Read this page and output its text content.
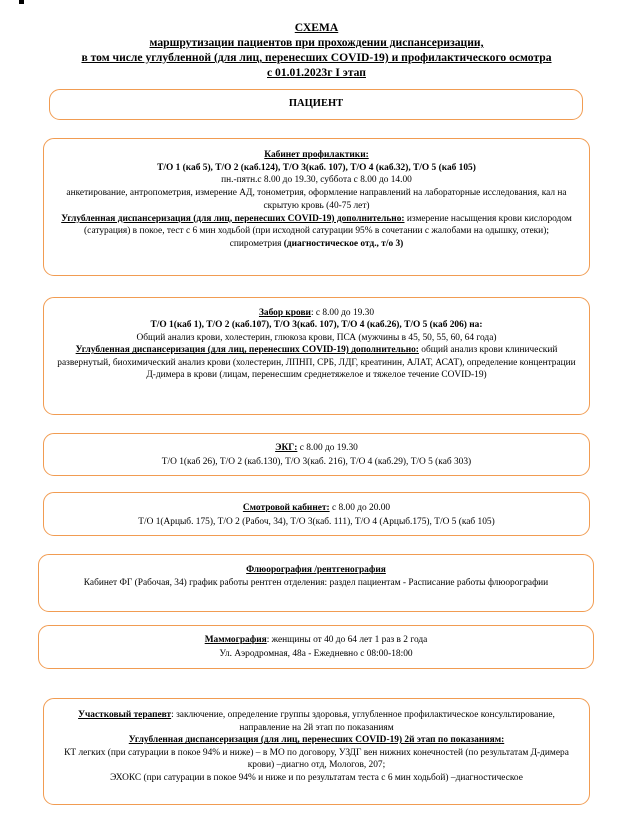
СХЕМА
маршрутизации пациентов при прохождении диспансеризации,
в том числе углубленной (для лиц, перенесших COVID-19) и профилактического осмотра
с 01.01.2023г I этап
ПАЦИЕНТ

Кабинет профилактики:

Т/О 1 (каб 5), Т/О 2 (каб.124), Т/О 3(каб. 107), Т/О 4 (каб.32), Т/О 5 (каб 105)

пн.-пятн.с 8.00 до 19.30, суббота с 8.00 до 14.00

анкетирование, антропометрия, измерение АД, тонометрия, оформление направлений на лабораторные исследования, кал на скрытую кровь (40-75 лет)

Углубленная диспансеризация (для лиц, перенесших COVID-19) дополнительно: измерение насыщения крови кислородом (сатурация) в покое, тест с 6 мин ходьбой (при исходной сатурации 95% в сочетании с жалобами на одышку, отеки); спирометрия (диагностическое отд., т/о 3)

Забор крови: с 8.00 до 19.30

Т/О 1(каб 1), Т/О 2 (каб.107), Т/О 3(каб. 107), Т/О 4 (каб.26), Т/О 5 (каб 206) на:

Общий анализ крови, холестерин, глюкоза крови, ПСА (мужчины в 45, 50, 55, 60, 64 года)

Углубленная диспансеризация (для лиц, перенесших COVID-19) дополнительно: общий анализ крови клинический развернутый, биохимический анализ крови (холестерин, ЛПНП, СРБ, ЛДГ, креатинин, АЛАТ, АСАТ), определение концентрации Д-димера в крови (лицам, перенесшим среднетяжелое и тяжелое течение COVID-19)

ЭКГ: с 8.00 до 19.30

Т/О 1(каб 26), Т/О 2 (каб.130), Т/О 3(каб. 216), Т/О 4 (каб.29), Т/О 5 (каб 303)

Смотровой кабинет: с 8.00 до 20.00

Т/О 1(Арцыб. 175), Т/О 2 (Рабоч, 34), Т/О 3(каб. 111), Т/О 4 (Арцыб.175), Т/О 5 (каб 105)

Флюорография /рентгенография

Кабинет ФГ (Рабочая, 34) график работы рентген отделения: раздел пациентам - Расписание работы флюорографии

Маммография: женщины от 40 до 64 лет 1 раз в 2 года

Ул. Аэродромная, 48а - Ежедневно с 08:00-18:00

Участковый терапевт: заключение, определение группы здоровья, углубленное профилактическое консультирование, направление на 2й этап по показаниям

Углубленная диспансеризация (для лиц, перенесших COVID-19) 2й этап по показаниям:

КТ легких (при сатурации в покое 94% и ниже) – в МО по договору, УЗДГ вен нижних конечностей (по результатам Д-димера крови) –диагно отд, Мологов, 207;

ЭХОКС (при сатурации в покое 94% и ниже и по результатам теста с 6 мин ходьбой) –диагностическое
